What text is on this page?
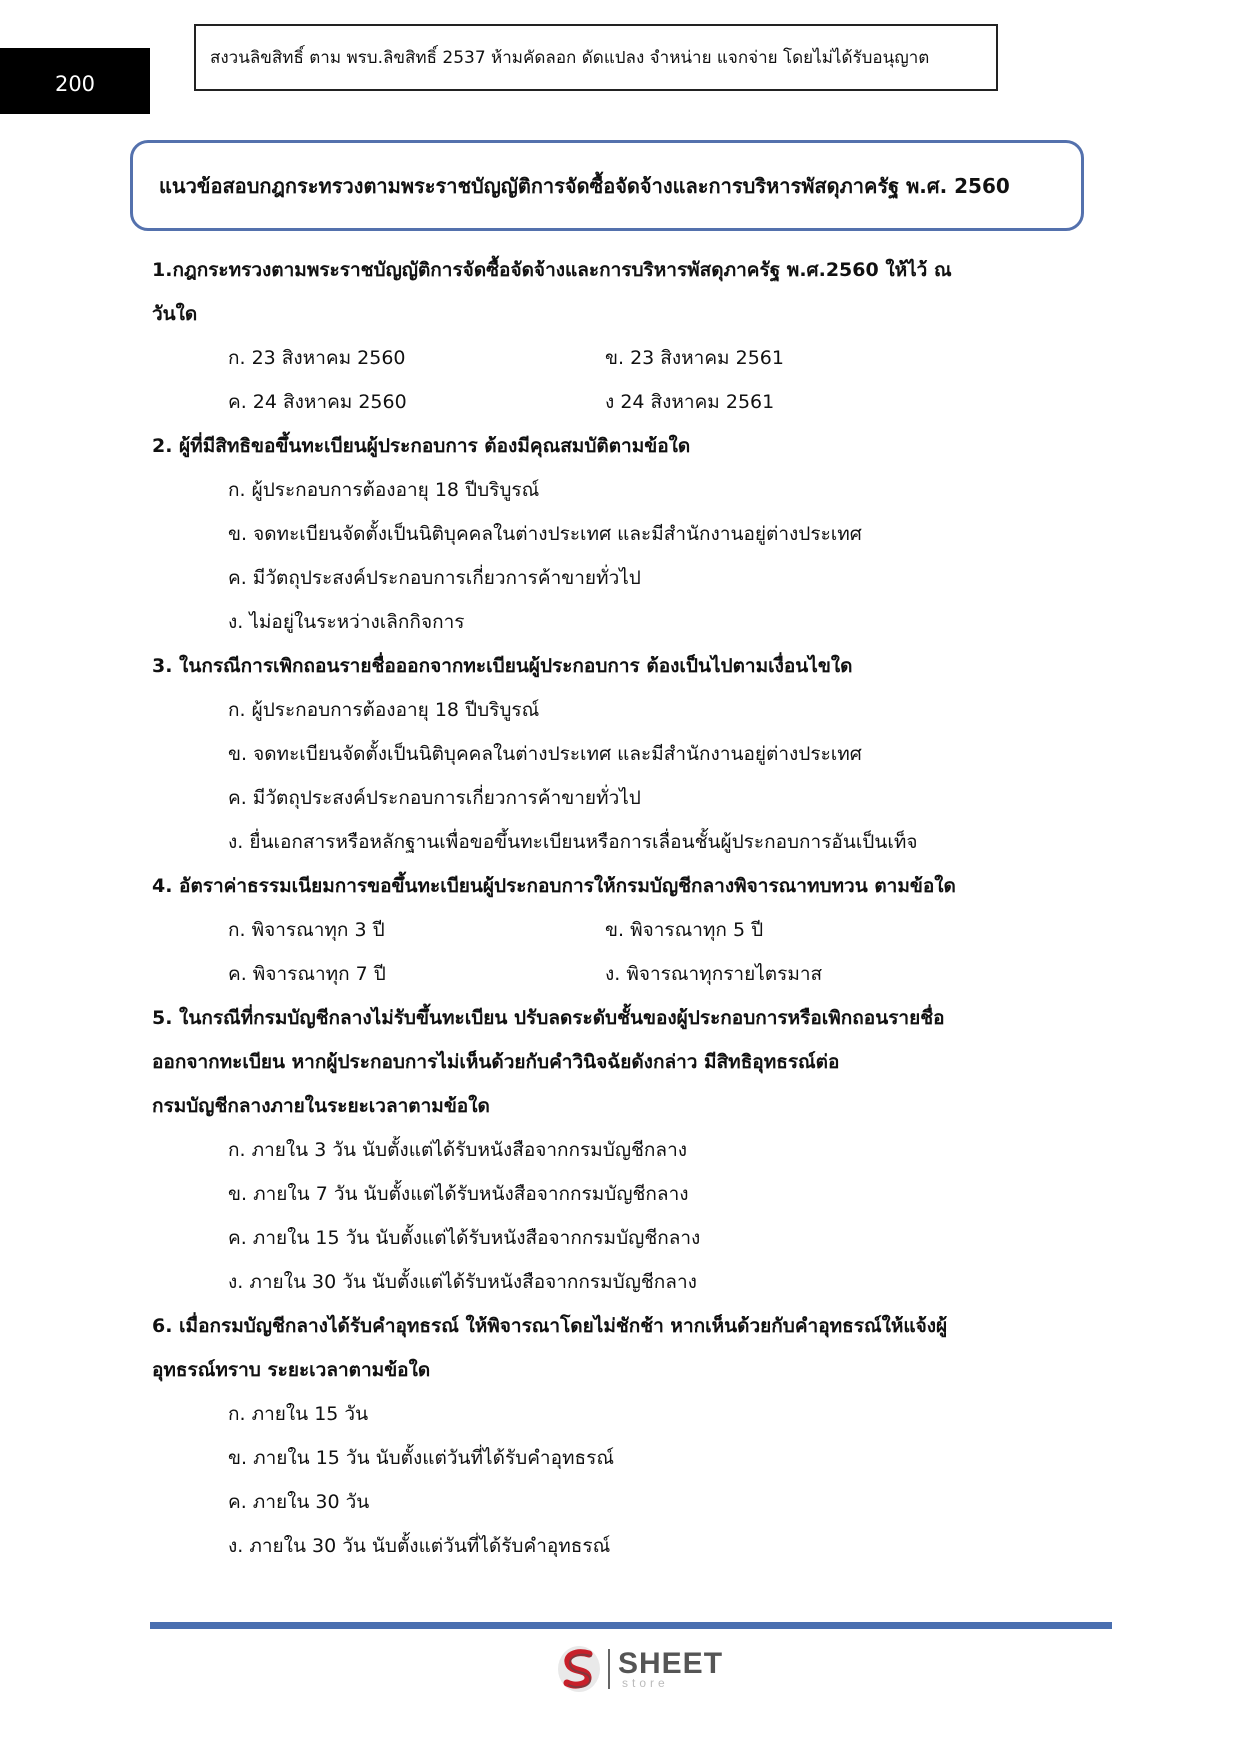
200
สงวนลิขสิทธิ์ ตาม พรบ.ลิขสิทธิ์ 2537 ห้ามคัดลอก ดัดแปลง จำหน่าย แจกจ่าย โดยไม่ได้รับอนุญาต
แนวข้อสอบกฎกระทรวงตามพระราชบัญญัติการจัดซื้อจัดจ้างและการบริหารพัสดุภาครัฐ พ.ศ. 2560
1.กฎกระทรวงตามพระราชบัญญัติการจัดซื้อจัดจ้างและการบริหารพัสดุภาครัฐ พ.ศ.2560 ให้ไว้ ณ
วันใด
ก. 23 สิงหาคม 2560	ข. 23 สิงหาคม 2561
ค. 24 สิงหาคม 2560	ง 24 สิงหาคม 2561
2. ผู้ที่มีสิทธิขอขึ้นทะเบียนผู้ประกอบการ ต้องมีคุณสมบัติตามข้อใด
ก. ผู้ประกอบการต้องอายุ 18 ปีบริบูรณ์
ข. จดทะเบียนจัดตั้งเป็นนิติบุคคลในต่างประเทศ และมีสำนักงานอยู่ต่างประเทศ
ค. มีวัตถุประสงค์ประกอบการเกี่ยวการค้าขายทั่วไป
ง. ไม่อยู่ในระหว่างเลิกกิจการ
3. ในกรณีการเพิกถอนรายชื่อออกจากทะเบียนผู้ประกอบการ ต้องเป็นไปตามเงื่อนไขใด
ก. ผู้ประกอบการต้องอายุ 18 ปีบริบูรณ์
ข. จดทะเบียนจัดตั้งเป็นนิติบุคคลในต่างประเทศ และมีสำนักงานอยู่ต่างประเทศ
ค. มีวัตถุประสงค์ประกอบการเกี่ยวการค้าขายทั่วไป
ง. ยื่นเอกสารหรือหลักฐานเพื่อขอขึ้นทะเบียนหรือการเลื่อนชั้นผู้ประกอบการอันเป็นเท็จ
4. อัตราค่าธรรมเนียมการขอขึ้นทะเบียนผู้ประกอบการให้กรมบัญชีกลางพิจารณาทบทวน ตามข้อใด
ก. พิจารณาทุก 3 ปี	ข. พิจารณาทุก 5 ปี
ค. พิจารณาทุก 7 ปี	ง. พิจารณาทุกรายไตรมาส
5. ในกรณีที่กรมบัญชีกลางไม่รับขึ้นทะเบียน ปรับลดระดับชั้นของผู้ประกอบการหรือเพิกถอนรายชื่อ
ออกจากทะเบียน หากผู้ประกอบการไม่เห็นด้วยกับคำวินิจฉัยดังกล่าว มีสิทธิอุทธรณ์ต่อ
กรมบัญชีกลางภายในระยะเวลาตามข้อใด
ก. ภายใน 3 วัน นับตั้งแต่ได้รับหนังสือจากกรมบัญชีกลาง
ข. ภายใน 7 วัน นับตั้งแต่ได้รับหนังสือจากกรมบัญชีกลาง
ค. ภายใน 15 วัน นับตั้งแต่ได้รับหนังสือจากกรมบัญชีกลาง
ง. ภายใน 30 วัน นับตั้งแต่ได้รับหนังสือจากกรมบัญชีกลาง
6. เมื่อกรมบัญชีกลางได้รับคำอุทธรณ์ ให้พิจารณาโดยไม่ชักช้า หากเห็นด้วยกับคำอุทธรณ์ให้แจ้งผู้
อุทธรณ์ทราบ ระยะเวลาตามข้อใด
ก. ภายใน 15 วัน
ข. ภายใน 15 วัน นับตั้งแต่วันที่ได้รับคำอุทธรณ์
ค. ภายใน 30 วัน
ง. ภายใน 30 วัน นับตั้งแต่วันที่ได้รับคำอุทธรณ์
SHEET
store
